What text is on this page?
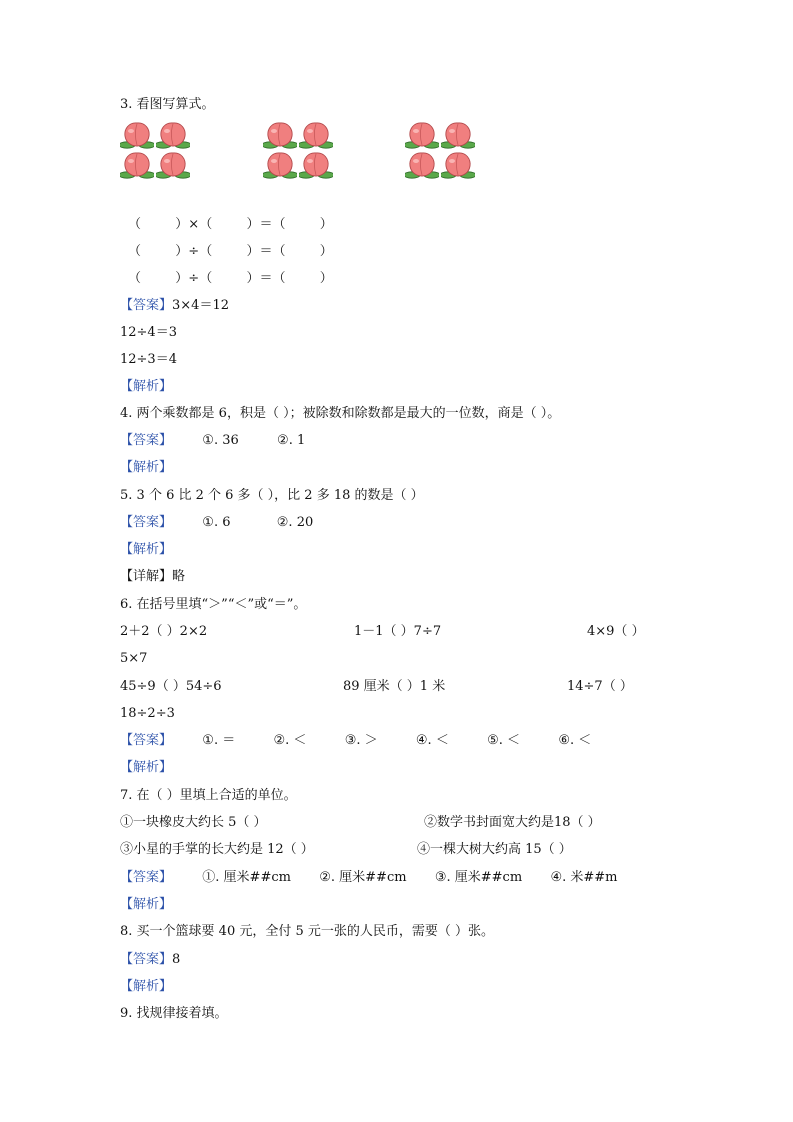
3. 看图写算式。
（	）×（	）＝（	）
（	）÷（	）＝（	）
（	）÷（	）＝（	）
【答案】3×4＝12
12÷4＝3
12÷3＝4
【解析】
4. 两个乘数都是 6，积是（ ）；被除数和除数都是最大的一位数，商是（ ）。
【答案】 ①. 36	②. 1
【解析】
5. 3 个 6 比 2 个 6 多（ ），比 2 多 18 的数是（ ）
【答案】 ①. 6	②. 20
【解析】
【详解】略
6. 在括号里填“＞”“＜”或“＝”。
2＋2（ ）2×2	1－1（ ）7÷7	4×9（ ）
5×7
45÷9（ ）54÷6	89 厘米（ ）1 米	14÷7（ ）
18÷2÷3
【答案】 ①. ＝	②. ＜	③. ＞	④. ＜	⑤. ＜	⑥. ＜
【解析】
7. 在（ ）里填上合适的单位。
①一块橡皮大约长 5（ ）	②数学书封面宽大约是18（ ）
③小星的手掌的长大约是 12（ ）	④一棵大树大约高 15（ ）
【答案】 ①. 厘米##cm ②. 厘米##cm ③. 厘米##cm ④. 米##m
【解析】
8. 买一个篮球要 40 元，全付 5 元一张的人民币，需要（ ）张。
【答案】8
【解析】
9. 找规律接着填。
